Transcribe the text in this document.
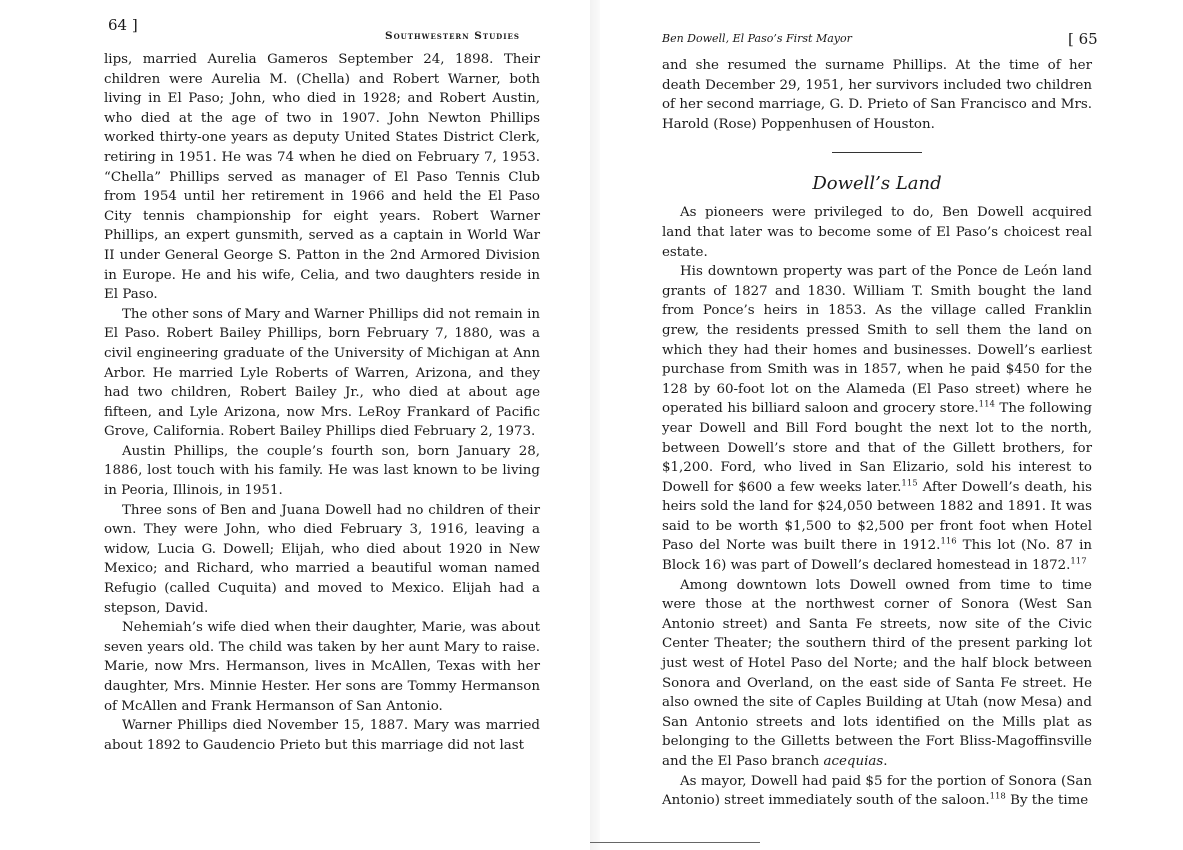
64 ]
Southwestern Studies

lips, married Aurelia Gameros September 24, 1898. Their children were Aurelia M. (Chella) and Robert Warner, both living in El Paso; John, who died in 1928; and Robert Austin, who died at the age of two in 1907. John Newton Phillips worked thirty-one years as deputy United States District Clerk, retiring in 1951. He was 74 when he died on February 7, 1953. “Chella” Phillips served as manager of El Paso Tennis Club from 1954 until her retirement in 1966 and held the El Paso City tennis championship for eight years. Robert Warner Phillips, an expert gunsmith, served as a captain in World War II under General George S. Patton in the 2nd Armored Division in Europe. He and his wife, Celia, and two daughters reside in El Paso.

The other sons of Mary and Warner Phillips did not remain in El Paso. Robert Bailey Phillips, born February 7, 1880, was a civil engineering graduate of the University of Michigan at Ann Arbor. He married Lyle Roberts of Warren, Arizona, and they had two children, Robert Bailey Jr., who died at about age fifteen, and Lyle Arizona, now Mrs. LeRoy Frankard of Pacific Grove, California. Robert Bailey Phillips died February 2, 1973.

Austin Phillips, the couple’s fourth son, born January 28, 1886, lost touch with his family. He was last known to be living in Peoria, Illinois, in 1951.

Three sons of Ben and Juana Dowell had no children of their own. They were John, who died February 3, 1916, leaving a widow, Lucia G. Dowell; Elijah, who died about 1920 in New Mexico; and Richard, who married a beautiful woman named Refugio (called Cuquita) and moved to Mexico. Elijah had a stepson, David.

Nehemiah’s wife died when their daughter, Marie, was about seven years old. The child was taken by her aunt Mary to raise. Marie, now Mrs. Hermanson, lives in McAllen, Texas with her daughter, Mrs. Minnie Hester. Her sons are Tommy Hermanson of McAllen and Frank Hermanson of San Antonio.

Warner Phillips died November 15, 1887. Mary was married about 1892 to Gaudencio Prieto but this marriage did not last

Ben Dowell, El Paso’s First Mayor	[ 65

and she resumed the surname Phillips. At the time of her death December 29, 1951, her survivors included two children of her second marriage, G. D. Prieto of San Francisco and Mrs. Harold (Rose) Poppenhusen of Houston.

Dowell’s Land

As pioneers were privileged to do, Ben Dowell acquired land that later was to become some of El Paso’s choicest real estate.

His downtown property was part of the Ponce de León land grants of 1827 and 1830. William T. Smith bought the land from Ponce’s heirs in 1853. As the village called Franklin grew, the residents pressed Smith to sell them the land on which they had their homes and businesses. Dowell’s earliest purchase from Smith was in 1857, when he paid $450 for the 128 by 60-foot lot on the Alameda (El Paso street) where he operated his billiard saloon and grocery store.$^{114}$ The following year Dowell and Bill Ford bought the next lot to the north, between Dowell’s store and that of the Gillett brothers, for $1,200. Ford, who lived in San Elizario, sold his interest to Dowell for $600 a few weeks later.$^{115}$ After Dowell’s death, his heirs sold the land for $24,050 between 1882 and 1891. It was said to be worth $1,500 to $2,500 per front foot when Hotel Paso del Norte was built there in 1912.$^{116}$ This lot (No. 87 in Block 16) was part of Dowell’s declared homestead in 1872.$^{117}$

Among downtown lots Dowell owned from time to time were those at the northwest corner of Sonora (West San Antonio street) and Santa Fe streets, now site of the Civic Center Theater; the southern third of the present parking lot just west of Hotel Paso del Norte; and the half block between Sonora and Overland, on the east side of Santa Fe street. He also owned the site of Caples Building at Utah (now Mesa) and San Antonio streets and lots identified on the Mills plat as belonging to the Gilletts between the Fort Bliss-Magoffinsville and the El Paso branch acequias.

As mayor, Dowell had paid $5 for the portion of Sonora (San Antonio) street immediately south of the saloon.$^{118}$ By the time
